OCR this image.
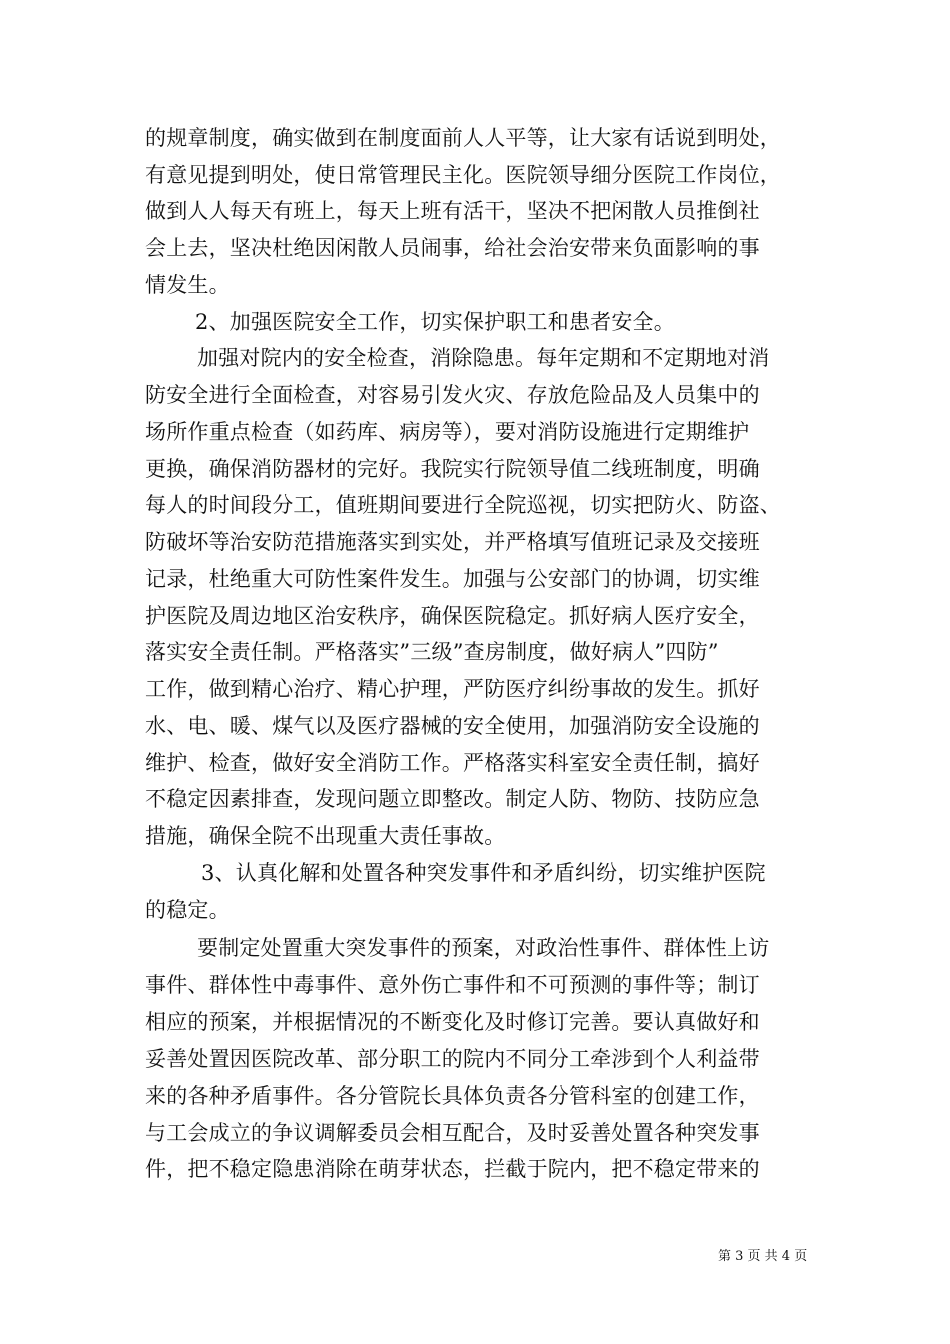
的规章制度，确实做到在制度面前人人平等，让大家有话说到明处，
有意见提到明处，使日常管理民主化。医院领导细分医院工作岗位，
做到人人每天有班上，每天上班有活干，坚决不把闲散人员推倒社
会上去，坚决杜绝因闲散人员闹事，给社会治安带来负面影响的事
情发生。
2、加强医院安全工作，切实保护职工和患者安全。
加强对院内的安全检查，消除隐患。每年定期和不定期地对消
防安全进行全面检查，对容易引发火灾、存放危险品及人员集中的
场所作重点检查（如药库、病房等），要对消防设施进行定期维护
更换，确保消防器材的完好。我院实行院领导值二线班制度，明确
每人的时间段分工，值班期间要进行全院巡视，切实把防火、防盗、
防破坏等治安防范措施落实到实处，并严格填写值班记录及交接班
记录，杜绝重大可防性案件发生。加强与公安部门的协调，切实维
护医院及周边地区治安秩序，确保医院稳定。抓好病人医疗安全，
落实安全责任制。严格落实”三级”查房制度，做好病人”四防”
工作，做到精心治疗、精心护理，严防医疗纠纷事故的发生。抓好
水、电、暖、煤气以及医疗器械的安全使用，加强消防安全设施的
维护、检查，做好安全消防工作。严格落实科室安全责任制，搞好
不稳定因素排查，发现问题立即整改。制定人防、物防、技防应急
措施，确保全院不出现重大责任事故。
3、认真化解和处置各种突发事件和矛盾纠纷，切实维护医院
的稳定。
要制定处置重大突发事件的预案，对政治性事件、群体性上访
事件、群体性中毒事件、意外伤亡事件和不可预测的事件等；制订
相应的预案，并根据情况的不断变化及时修订完善。要认真做好和
妥善处置因医院改革、部分职工的院内不同分工牵涉到个人利益带
来的各种矛盾事件。各分管院长具体负责各分管科室的创建工作，
与工会成立的争议调解委员会相互配合，及时妥善处置各种突发事
件，把不稳定隐患消除在萌芽状态，拦截于院内，把不稳定带来的
第 3 页 共 4 页
